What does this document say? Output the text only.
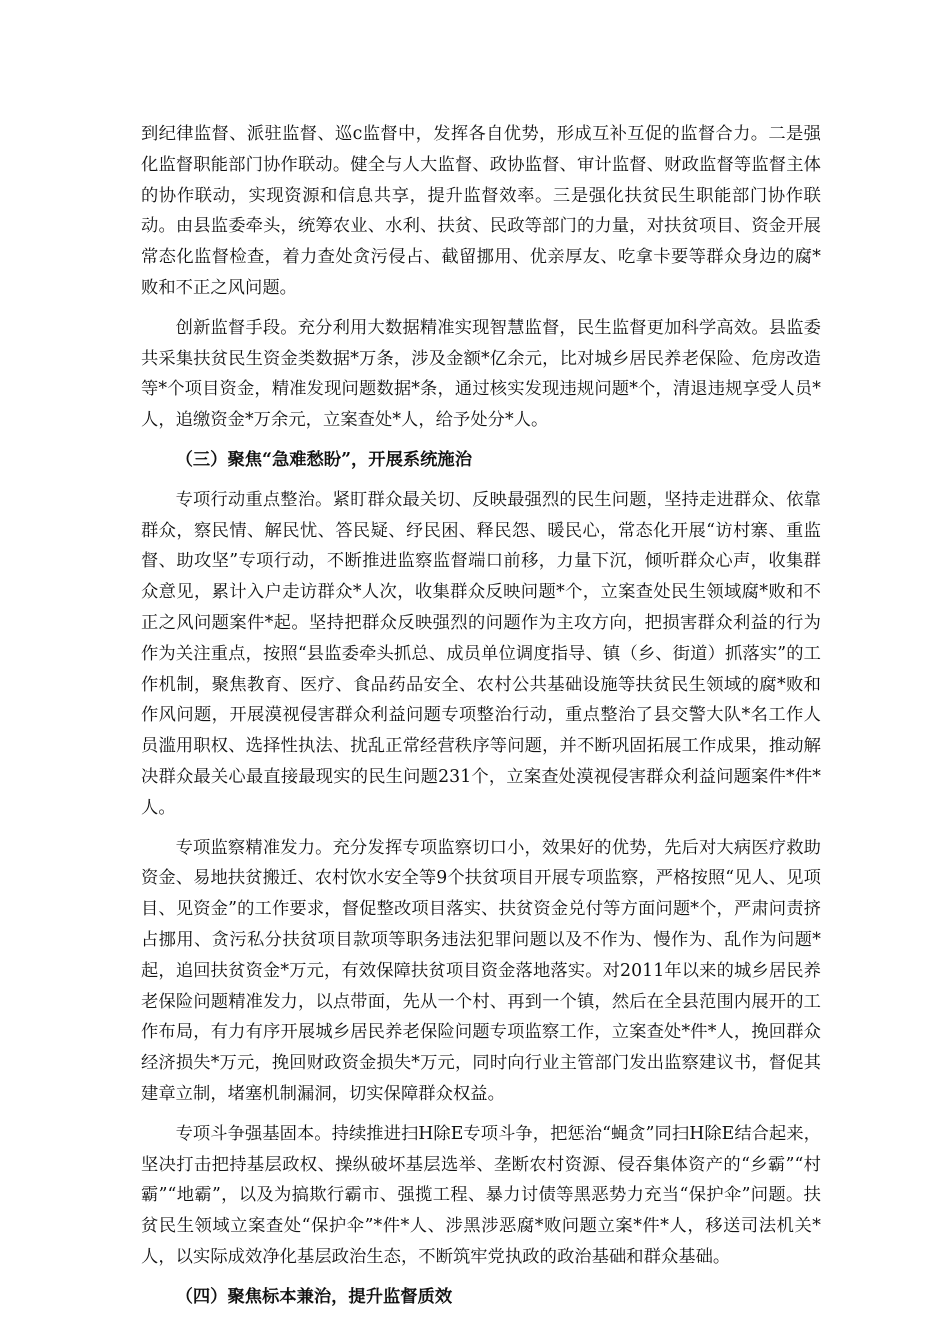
到纪律监督、派驻监督、巡c监督中，发挥各自优势，形成互补互促的监督合力。二是强化监督职能部门协作联动。健全与人大监督、政协监督、审计监督、财政监督等监督主体的协作联动，实现资源和信息共享，提升监督效率。三是强化扶贫民生职能部门协作联动。由县监委牵头，统筹农业、水利、扶贫、民政等部门的力量，对扶贫项目、资金开展常态化监督检查，着力查处贪污侵占、截留挪用、优亲厚友、吃拿卡要等群众身边的腐*败和不正之风问题。

创新监督手段。充分利用大数据精准实现智慧监督，民生监督更加科学高效。县监委共采集扶贫民生资金类数据*万条，涉及金额*亿余元，比对城乡居民养老保险、危房改造等*个项目资金，精准发现问题数据*条，通过核实发现违规问题*个，清退违规享受人员*人，追缴资金*万余元，立案查处*人，给予处分*人。

（三）聚焦“急难愁盼”，开展系统施治

专项行动重点整治。紧盯群众最关切、反映最强烈的民生问题，坚持走进群众、依靠群众，察民情、解民忧、答民疑、纾民困、释民怨、暖民心，常态化开展“访村寨、重监督、助攻坚”专项行动，不断推进监察监督端口前移，力量下沉，倾听群众心声，收集群众意见，累计入户走访群众*人次，收集群众反映问题*个，立案查处民生领域腐*败和不正之风问题案件*起。坚持把群众反映强烈的问题作为主攻方向，把损害群众利益的行为作为关注重点，按照“县监委牵头抓总、成员单位调度指导、镇（乡、街道）抓落实”的工作机制，聚焦教育、医疗、食品药品安全、农村公共基础设施等扶贫民生领域的腐*败和作风问题，开展漠视侵害群众利益问题专项整治行动，重点整治了县交警大队*名工作人员滥用职权、选择性执法、扰乱正常经营秩序等问题，并不断巩固拓展工作成果，推动解决群众最关心最直接最现实的民生问题231个，立案查处漠视侵害群众利益问题案件*件*人。

专项监察精准发力。充分发挥专项监察切口小，效果好的优势，先后对大病医疗救助资金、易地扶贫搬迁、农村饮水安全等9个扶贫项目开展专项监察，严格按照“见人、见项目、见资金”的工作要求，督促整改项目落实、扶贫资金兑付等方面问题*个，严肃问责挤占挪用、贪污私分扶贫项目款项等职务违法犯罪问题以及不作为、慢作为、乱作为问题*起，追回扶贫资金*万元，有效保障扶贫项目资金落地落实。对2011年以来的城乡居民养老保险问题精准发力，以点带面，先从一个村、再到一个镇，然后在全县范围内展开的工作布局，有力有序开展城乡居民养老保险问题专项监察工作，立案查处*件*人，挽回群众经济损失*万元，挽回财政资金损失*万元，同时向行业主管部门发出监察建议书，督促其建章立制，堵塞机制漏洞，切实保障群众权益。

专项斗争强基固本。持续推进扫H除E专项斗争，把惩治“蝇贪”同扫H除E结合起来，坚决打击把持基层政权、操纵破坏基层选举、垄断农村资源、侵吞集体资产的“乡霸”“村霸”“地霸”，以及为搞欺行霸市、强揽工程、暴力讨债等黑恶势力充当“保护伞”问题。扶贫民生领域立案查处“保护伞”*件*人、涉黑涉恶腐*败问题立案*件*人，移送司法机关*人，以实际成效净化基层政治生态，不断筑牢党执政的政治基础和群众基础。

（四）聚焦标本兼治，提升监督质效
